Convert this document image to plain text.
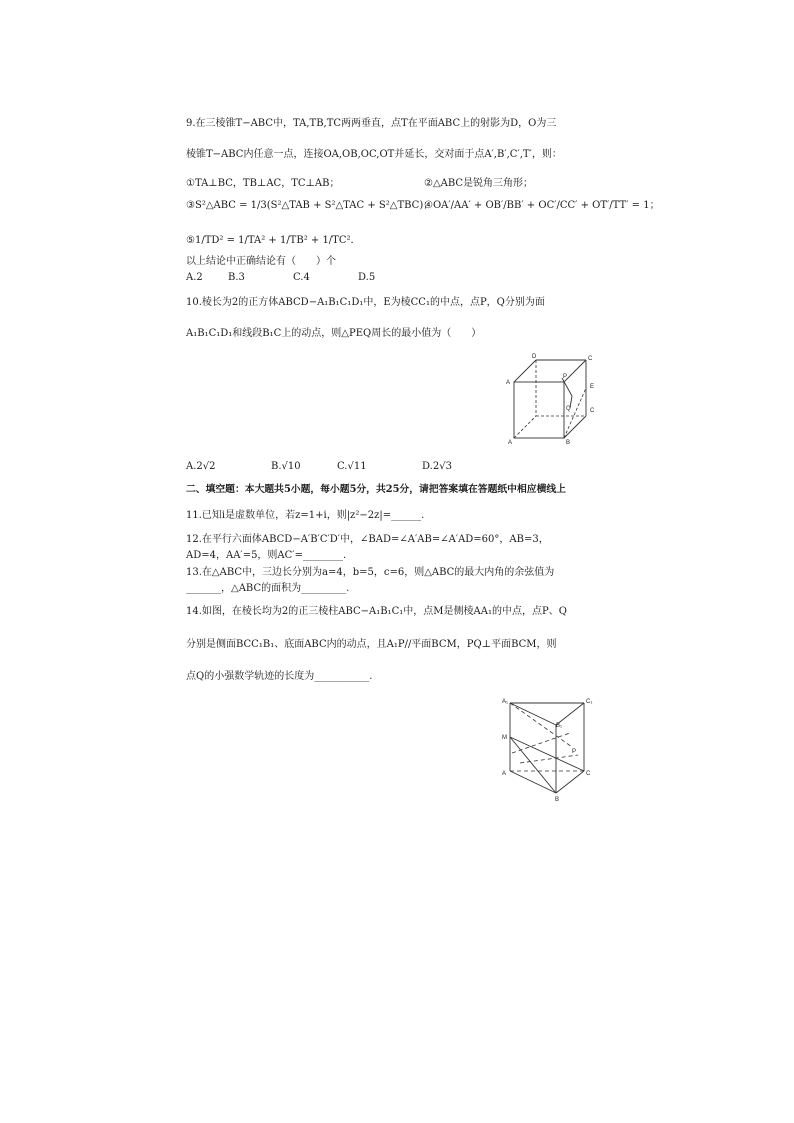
9.在三棱锥T−ABC中，TA,TB,TC两两垂直，点T在平面ABC上的射影为D，O为三
棱锥T−ABC内任意一点，连接OA,OB,OC,OT并延长，交对面于点A′,B′,C′,T′，则：
①TA⊥BC，TB⊥AC，TC⊥AB；	②△ABC是锐角三角形；
③S²△ABC = 1/3(S²△TAB + S²△TAC + S²△TBC)；
④OA′/AA′ + OB′/BB′ + OC′/CC′ + OT′/TT′ = 1；
⑤1/TD² = 1/TA² + 1/TB² + 1/TC²．
以上结论中正确结论有（　　）个
A.2	B.3	C.4	D.5
10.棱长为2的正方体ABCD−A₁B₁C₁D₁中，E为棱CC₁的中点，点P，Q分别为面
A₁B₁C₁D₁和线段B₁C上的动点，则△PEQ周长的最小值为（　　）
D	C
P
E
A
Q	C
A	B
A.2√2	B.√10	C.√11	D.2√3
二、填空题：本大题共5小题，每小题5分，共25分，请把答案填在答题纸中相应横线上
11.已知i是虚数单位，若z=1+i，则|z²−2z|=______.
12.在平行六面体ABCD−A′B′C′D′中，∠BAD=∠A′AB=∠A′AD=60°，AB=3，
AD=4，AA′=5，则AC′=________.
13.在△ABC中，三边长分别为a=4，b=5，c=6，则△ABC的最大内角的余弦值为
_______，△ABC的面积为_________.
14.如图，在棱长均为2的正三棱柱ABC−A₁B₁C₁中，点M是侧棱AA₁的中点，点P、Q
分别是侧面BCC₁B₁、底面ABC内的动点，且A₁P//平面BCM，PQ⊥平面BCM，则
点Q的小强数学轨迹的长度为___________.
A₁	C₁
B₁
M
P
A	C
B
